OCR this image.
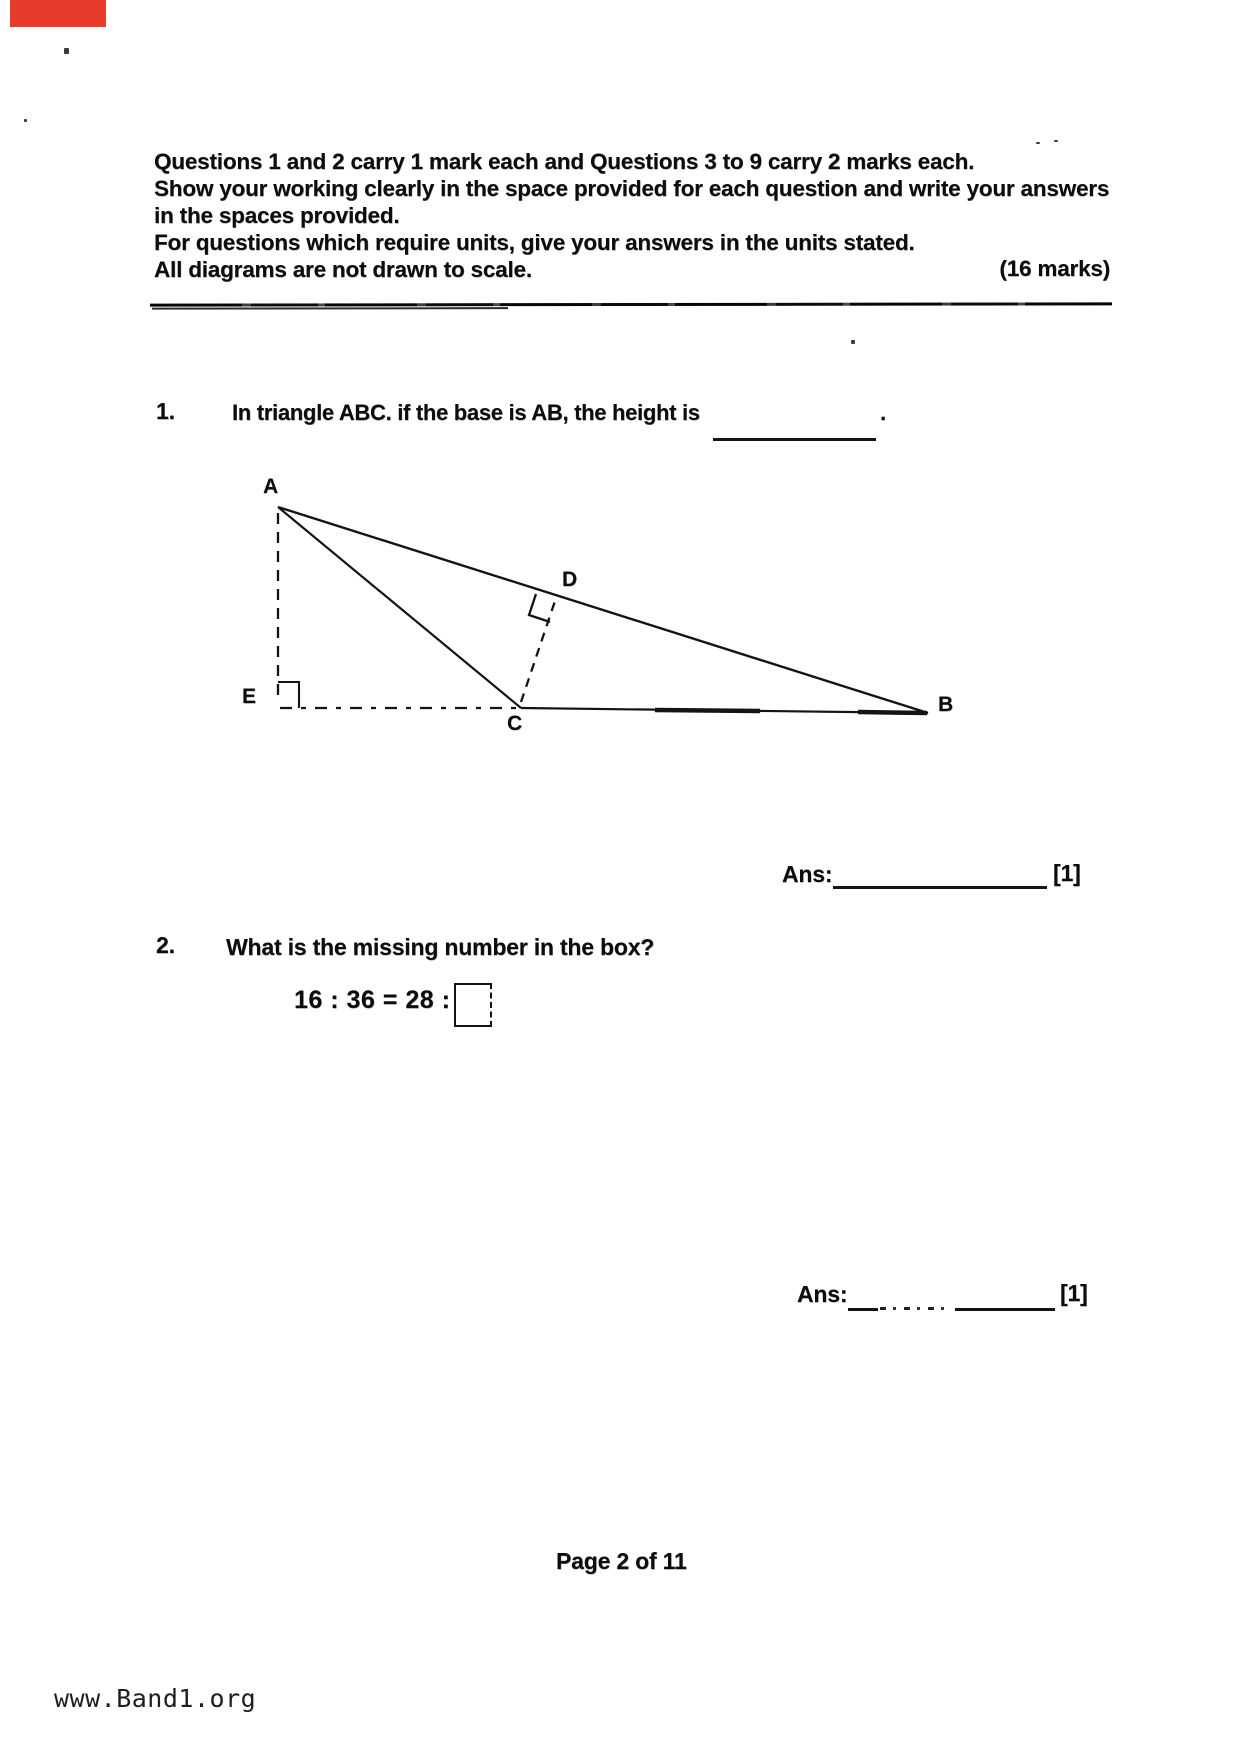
Questions 1 and 2 carry 1 mark each and Questions 3 to 9 carry 2 marks each.
Show your working clearly in the space provided for each question and write your answers
in the spaces provided.
For questions which require units, give your answers in the units stated.
All diagrams are not drawn to scale.	(16 marks)
1.	In triangle ABC. if the base is AB, the height is	.
A
D
E
C
B
Ans:	[1]
2. What is the missing number in the box?
16 : 36 = 28 :
Ans:	[1]
Page 2 of 11
www.Band1.org
